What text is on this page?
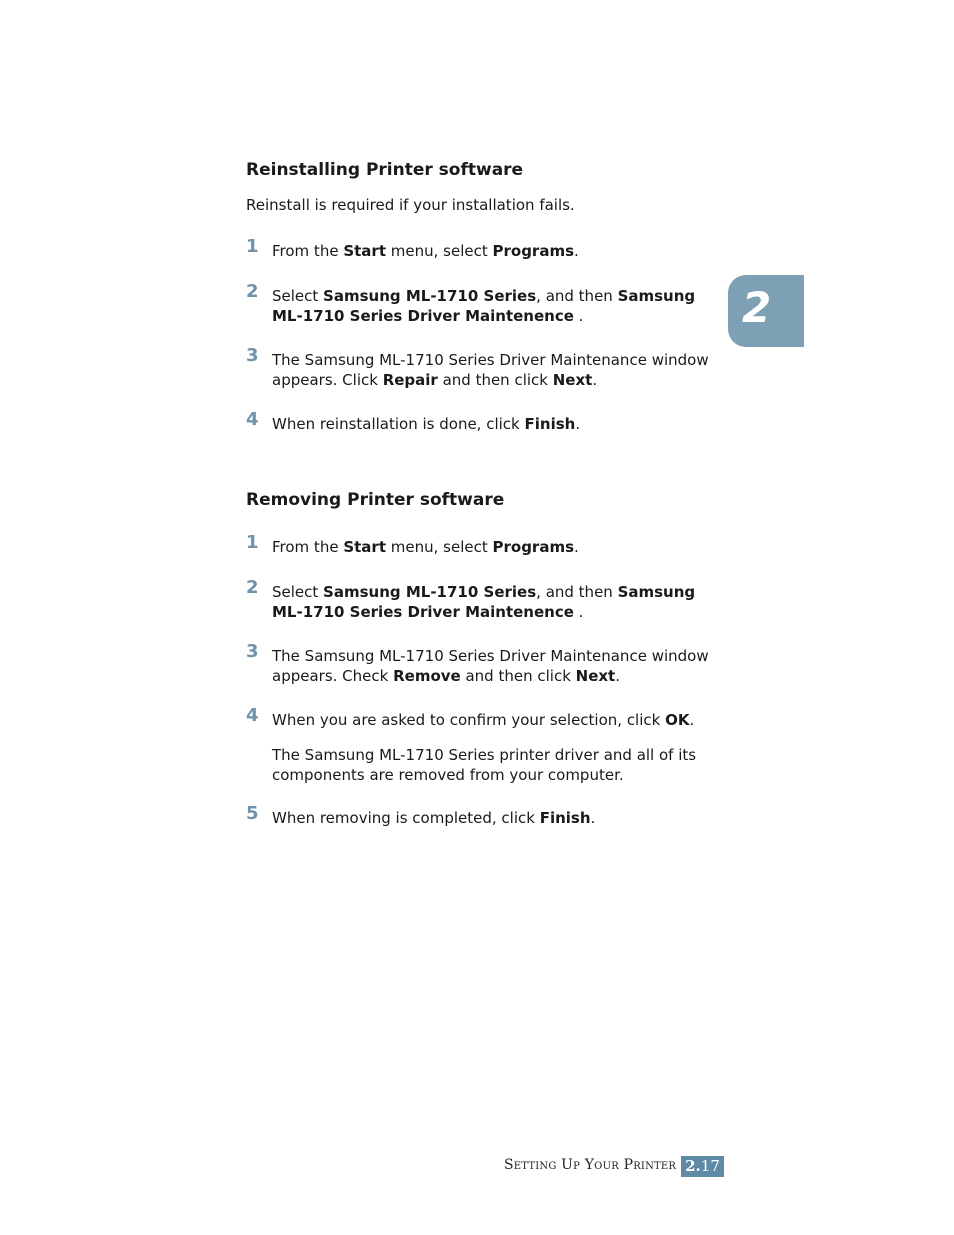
2
Reinstalling Printer software

Reinstall is required if your installation fails.

1 From the Start menu, select Programs.
2 Select Samsung ML-1710 Series, and then Samsung ML-1710 Series Driver Maintenence .
3 The Samsung ML-1710 Series Driver Maintenance window appears. Click Repair and then click Next.
4 When reinstallation is done, click Finish.
Removing Printer software
1 From the Start menu, select Programs.
2 Select Samsung ML-1710 Series, and then Samsung ML-1710 Series Driver Maintenence .
3 The Samsung ML-1710 Series Driver Maintenance window appears. Check Remove and then click Next.
4 When you are asked to confirm your selection, click OK.
The Samsung ML-1710 Series printer driver and all of its components are removed from your computer.
5 When removing is completed, click Finish.
Setting Up Your Printer 2.17
